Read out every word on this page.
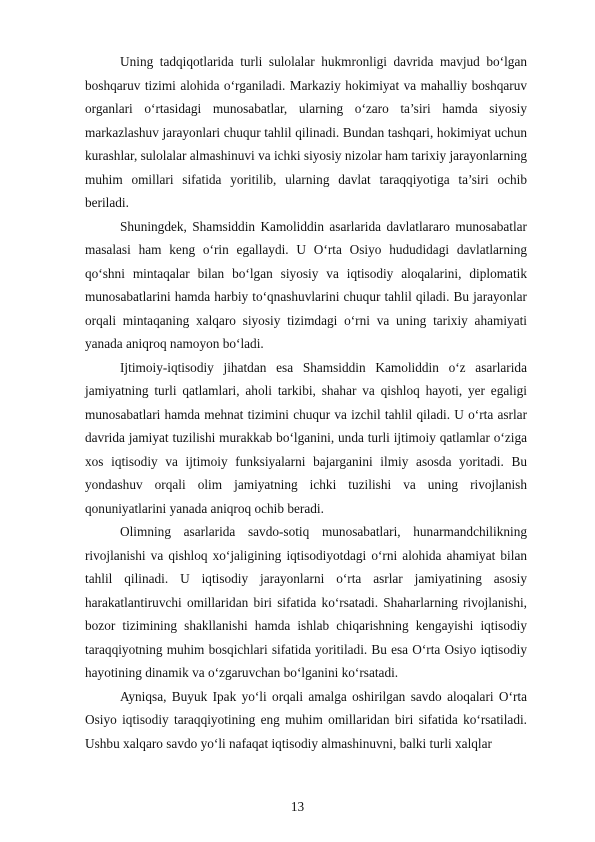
Uning tadqiqotlarida turli sulolalar hukmronligi davrida mavjud bo‘lgan boshqaruv tizimi alohida o‘rganiladi. Markaziy hokimiyat va mahalliy boshqaruv organlari o‘rtasidagi munosabatlar, ularning o‘zaro ta’siri hamda siyosiy markazlashuv jarayonlari chuqur tahlil qilinadi. Bundan tashqari, hokimiyat uchun kurashlar, sulolalar almashinuvi va ichki siyosiy nizolar ham tarixiy jarayonlarning muhim omillari sifatida yoritilib, ularning davlat taraqqiyotiga ta’siri ochib beriladi.

Shuningdek, Shamsiddin Kamoliddin asarlarida davlatlararo munosabatlar masalasi ham keng o‘rin egallaydi. U O‘rta Osiyo hududidagi davlatlarning qo‘shni mintaqalar bilan bo‘lgan siyosiy va iqtisodiy aloqalarini, diplomatik munosabatlarini hamda harbiy to‘qnashuvlarini chuqur tahlil qiladi. Bu jarayonlar orqali mintaqaning xalqaro siyosiy tizimdagi o‘rni va uning tarixiy ahamiyati yanada aniqroq namoyon bo‘ladi.

Ijtimoiy-iqtisodiy jihatdan esa Shamsiddin Kamoliddin o‘z asarlarida jamiyatning turli qatlamlari, aholi tarkibi, shahar va qishloq hayoti, yer egaligi munosabatlari hamda mehnat tizimini chuqur va izchil tahlil qiladi. U o‘rta asrlar davrida jamiyat tuzilishi murakkab bo‘lganini, unda turli ijtimoiy qatlamlar o‘ziga xos iqtisodiy va ijtimoiy funksiyalarni bajarganini ilmiy asosda yoritadi. Bu yondashuv orqali olim jamiyatning ichki tuzilishi va uning rivojlanish qonuniyatlarini yanada aniqroq ochib beradi.

Olimning asarlarida savdo-sotiq munosabatlari, hunarmandchilikning rivojlanishi va qishloq xo‘jaligining iqtisodiyotdagi o‘rni alohida ahamiyat bilan tahlil qilinadi. U iqtisodiy jarayonlarni o‘rta asrlar jamiyatining asosiy harakatlantiruvchi omillaridan biri sifatida ko‘rsatadi. Shaharlarning rivojlanishi, bozor tizimining shakllanishi hamda ishlab chiqarishning kengayishi iqtisodiy taraqqiyotning muhim bosqichlari sifatida yoritiladi. Bu esa O‘rta Osiyo iqtisodiy hayotining dinamik va o‘zgaruvchan bo‘lganini ko‘rsatadi.

Ayniqsa, Buyuk Ipak yo‘li orqali amalga oshirilgan savdo aloqalari O‘rta Osiyo iqtisodiy taraqqiyotining eng muhim omillaridan biri sifatida ko‘rsatiladi. Ushbu xalqaro savdo yo‘li nafaqat iqtisodiy almashinuvni, balki turli xalqlar

13
